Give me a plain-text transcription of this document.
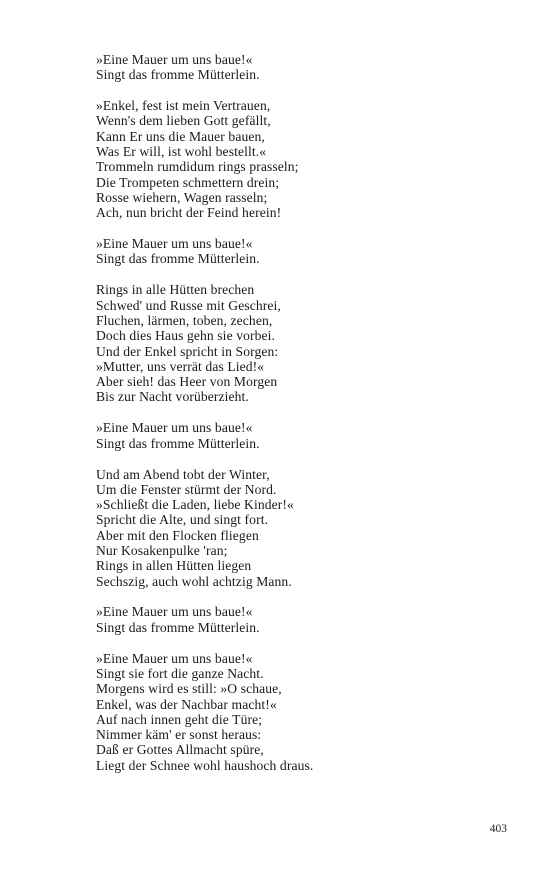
»Eine Mauer um uns baue!«
Singt das fromme Mütterlein.
»Enkel, fest ist mein Vertrauen,
Wenn's dem lieben Gott gefällt,
Kann Er uns die Mauer bauen,
Was Er will, ist wohl bestellt.«
Trommeln rumdidum rings prasseln;
Die Trompeten schmettern drein;
Rosse wiehern, Wagen rasseln;
Ach, nun bricht der Feind herein!
»Eine Mauer um uns baue!«
Singt das fromme Mütterlein.
Rings in alle Hütten brechen
Schwed' und Russe mit Geschrei,
Fluchen, lärmen, toben, zechen,
Doch dies Haus gehn sie vorbei.
Und der Enkel spricht in Sorgen:
»Mutter, uns verrät das Lied!«
Aber sieh! das Heer von Morgen
Bis zur Nacht vorüberzieht.
»Eine Mauer um uns baue!«
Singt das fromme Mütterlein.
Und am Abend tobt der Winter,
Um die Fenster stürmt der Nord.
»Schließt die Laden, liebe Kinder!«
Spricht die Alte, und singt fort.
Aber mit den Flocken fliegen
Nur Kosakenpulke 'ran;
Rings in allen Hütten liegen
Sechszig, auch wohl achtzig Mann.
»Eine Mauer um uns baue!«
Singt das fromme Mütterlein.
»Eine Mauer um uns baue!«
Singt sie fort die ganze Nacht.
Morgens wird es still: »O schaue,
Enkel, was der Nachbar macht!«
Auf nach innen geht die Türe;
Nimmer käm' er sonst heraus:
Daß er Gottes Allmacht spüre,
Liegt der Schnee wohl haushoch draus.
403
